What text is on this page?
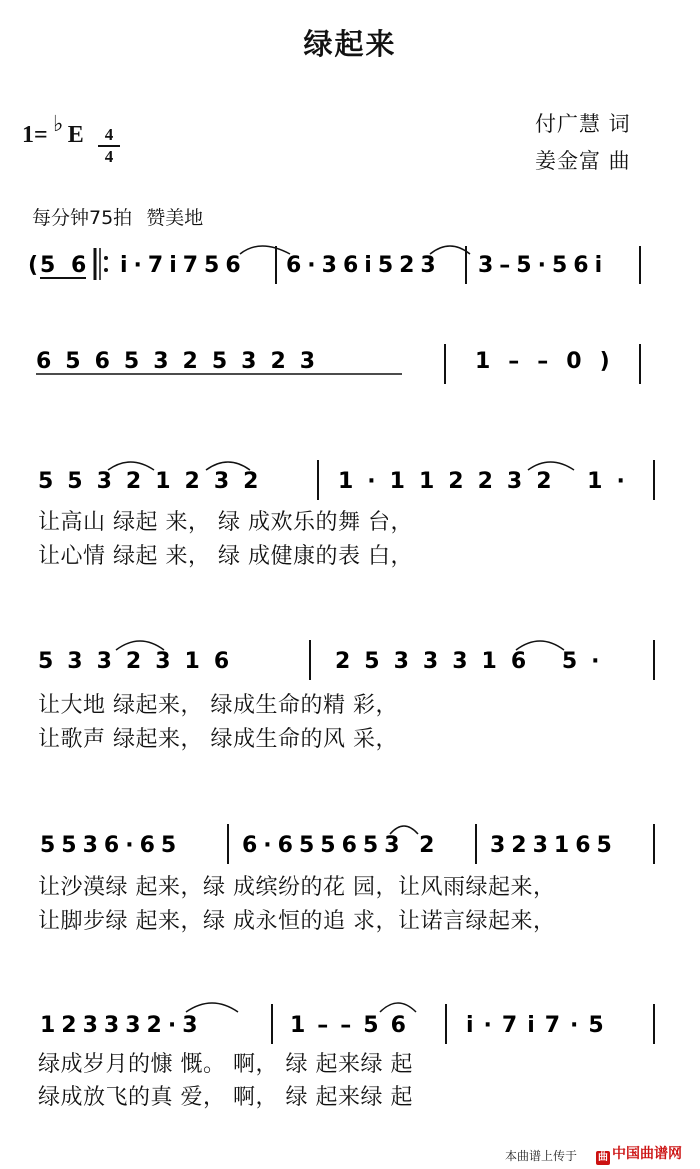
绿起来
1= E
♭	4
4
付广慧 词
姜金富 曲
每分钟75拍 赞美地
( 5 6 i·7i756 6·36i523 3–5·56i
6565325323	1––0)
55321232	1·112232 1·
让高山 绿起 来， 绿 成欢乐的舞 台，
让心情 绿起 来， 绿 成健康的表 白，
5332316	2533316 5·
让大地 绿起来， 绿成生命的精 彩，
让歌声 绿起来， 绿成生命的风 采，
5536·65	6·655653 2 323165
让沙漠绿 起来，绿 成缤纷的花 园，让风雨绿起来，
让脚步绿 起来，绿 成永恒的追 求，让诺言绿起来，
123332·3	1––56 i·7i7·5
绿成岁月的慷 慨。 啊， 绿 起来绿 起
绿成放飞的真 爱， 啊， 绿 起来绿 起
本曲谱上传于 曲 中国曲谱网
